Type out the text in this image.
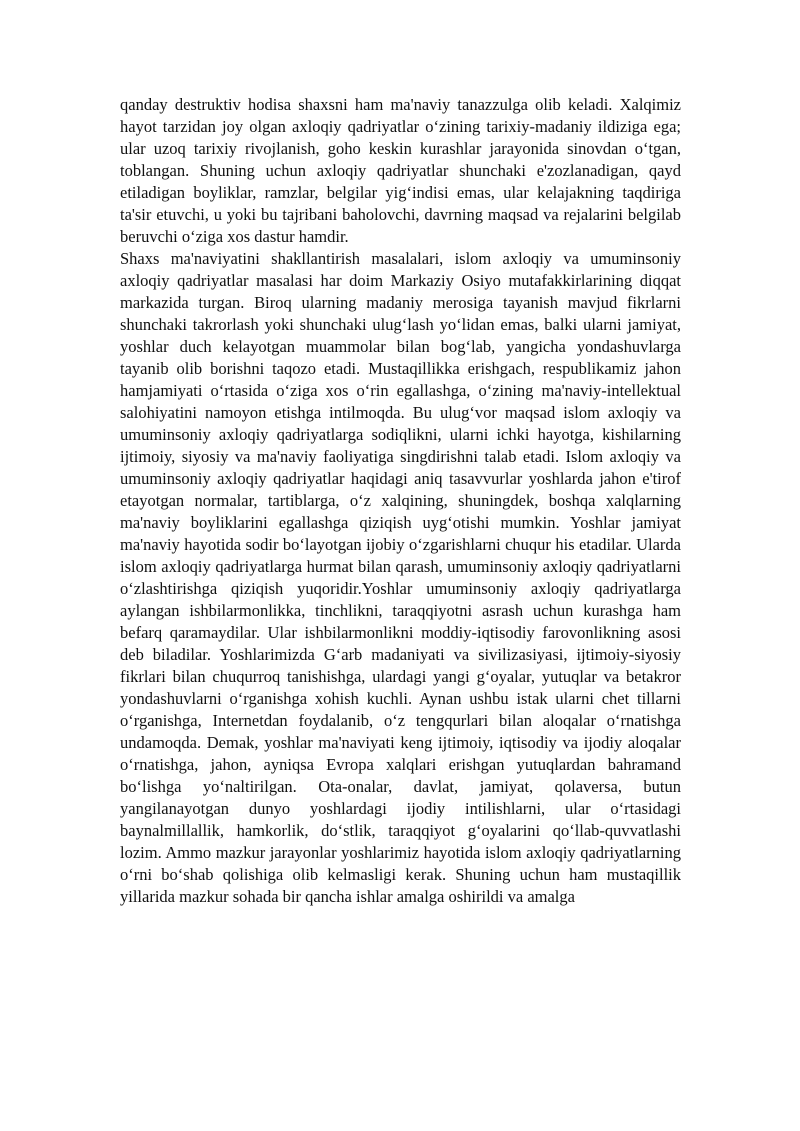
qanday destruktiv hodisa shaxsni ham ma'naviy tanazzulga olib keladi. Xalqimiz hayot tarzidan joy olgan axloqiy qadriyatlar o‘zining tarixiy-madaniy ildiziga ega; ular uzoq tarixiy rivojlanish, goho keskin kurashlar jarayonida sinovdan o‘tgan, toblangan. Shuning uchun axloqiy qadriyatlar shunchaki e'zozlanadigan, qayd etiladigan boyliklar, ramzlar, belgilar yig‘indisi emas, ular kelajakning taqdiriga ta'sir etuvchi, u yoki bu tajribani baholovchi, davrning maqsad va rejalarini belgilab beruvchi o‘ziga xos dastur hamdir.

Shaxs ma'naviyatini shakllantirish masalalari, islom axloqiy va umuminsoniy axloqiy qadriyatlar masalasi har doim Markaziy Osiyo mutafakkirlarining diqqat markazida turgan. Biroq ularning madaniy merosiga tayanish mavjud fikrlarni shunchaki takrorlash yoki shunchaki ulug‘lash yo‘lidan emas, balki ularni jamiyat, yoshlar duch kelayotgan muammolar bilan bog‘lab, yangicha yondashuvlarga tayanib olib borishni taqozo etadi. Mustaqillikka erishgach, respublikamiz jahon hamjamiyati o‘rtasida o‘ziga xos o‘rin egallashga, o‘zining ma'naviy-intellektual salohiyatini namoyon etishga intilmoqda. Bu ulug‘vor maqsad islom axloqiy va umuminsoniy axloqiy qadriyatlarga sodiqlikni, ularni ichki hayotga, kishilarning ijtimoiy, siyosiy va ma'naviy faoliyatiga singdirishni talab etadi. Islom axloqiy va umuminsoniy axloqiy qadriyatlar haqidagi aniq tasavvurlar yoshlarda jahon e'tirof etayotgan normalar, tartiblarga, o‘z xalqining, shuningdek, boshqa xalqlarning ma'naviy boyliklarini egallashga qiziqish uyg‘otishi mumkin. Yoshlar jamiyat ma'naviy hayotida sodir bo‘layotgan ijobiy o‘zgarishlarni chuqur his etadilar. Ularda islom axloqiy qadriyatlarga hurmat bilan qarash, umuminsoniy axloqiy qadriyatlarni o‘zlashtirishga qiziqish yuqoridir.Yoshlar umuminsoniy axloqiy qadriyatlarga aylangan ishbilarmonlikka, tinchlikni, taraqqiyotni asrash uchun kurashga ham befarq qaramaydilar. Ular ishbilarmonlikni moddiy-iqtisodiy farovonlikning asosi deb biladilar. Yoshlarimizda G‘arb madaniyati va sivilizasiyasi, ijtimoiy-siyosiy fikrlari bilan chuqurroq tanishishga, ulardagi yangi g‘oyalar, yutuqlar va betakror yondashuvlarni o‘rganishga xohish kuchli. Aynan ushbu istak ularni chet tillarni o‘rganishga, Internetdan foydalanib, o‘z tengqurlari bilan aloqalar o‘rnatishga undamoqda. Demak, yoshlar ma'naviyati keng ijtimoiy, iqtisodiy va ijodiy aloqalar o‘rnatishga, jahon, ayniqsa Evropa xalqlari erishgan yutuqlardan bahramand bo‘lishga yo‘naltirilgan. Ota-onalar, davlat, jamiyat, qolaversa, butun yangilanayotgan dunyo yoshlardagi ijodiy intilishlarni, ular o‘rtasidagi baynalmillallik, hamkorlik, do‘stlik, taraqqiyot g‘oyalarini qo‘llab-quvvatlashi lozim. Ammo mazkur jarayonlar yoshlarimiz hayotida islom axloqiy qadriyatlarning o‘rni bo‘shab qolishiga olib kelmasligi kerak. Shuning uchun ham mustaqillik yillarida mazkur sohada bir qancha ishlar amalga oshirildi va amalga
